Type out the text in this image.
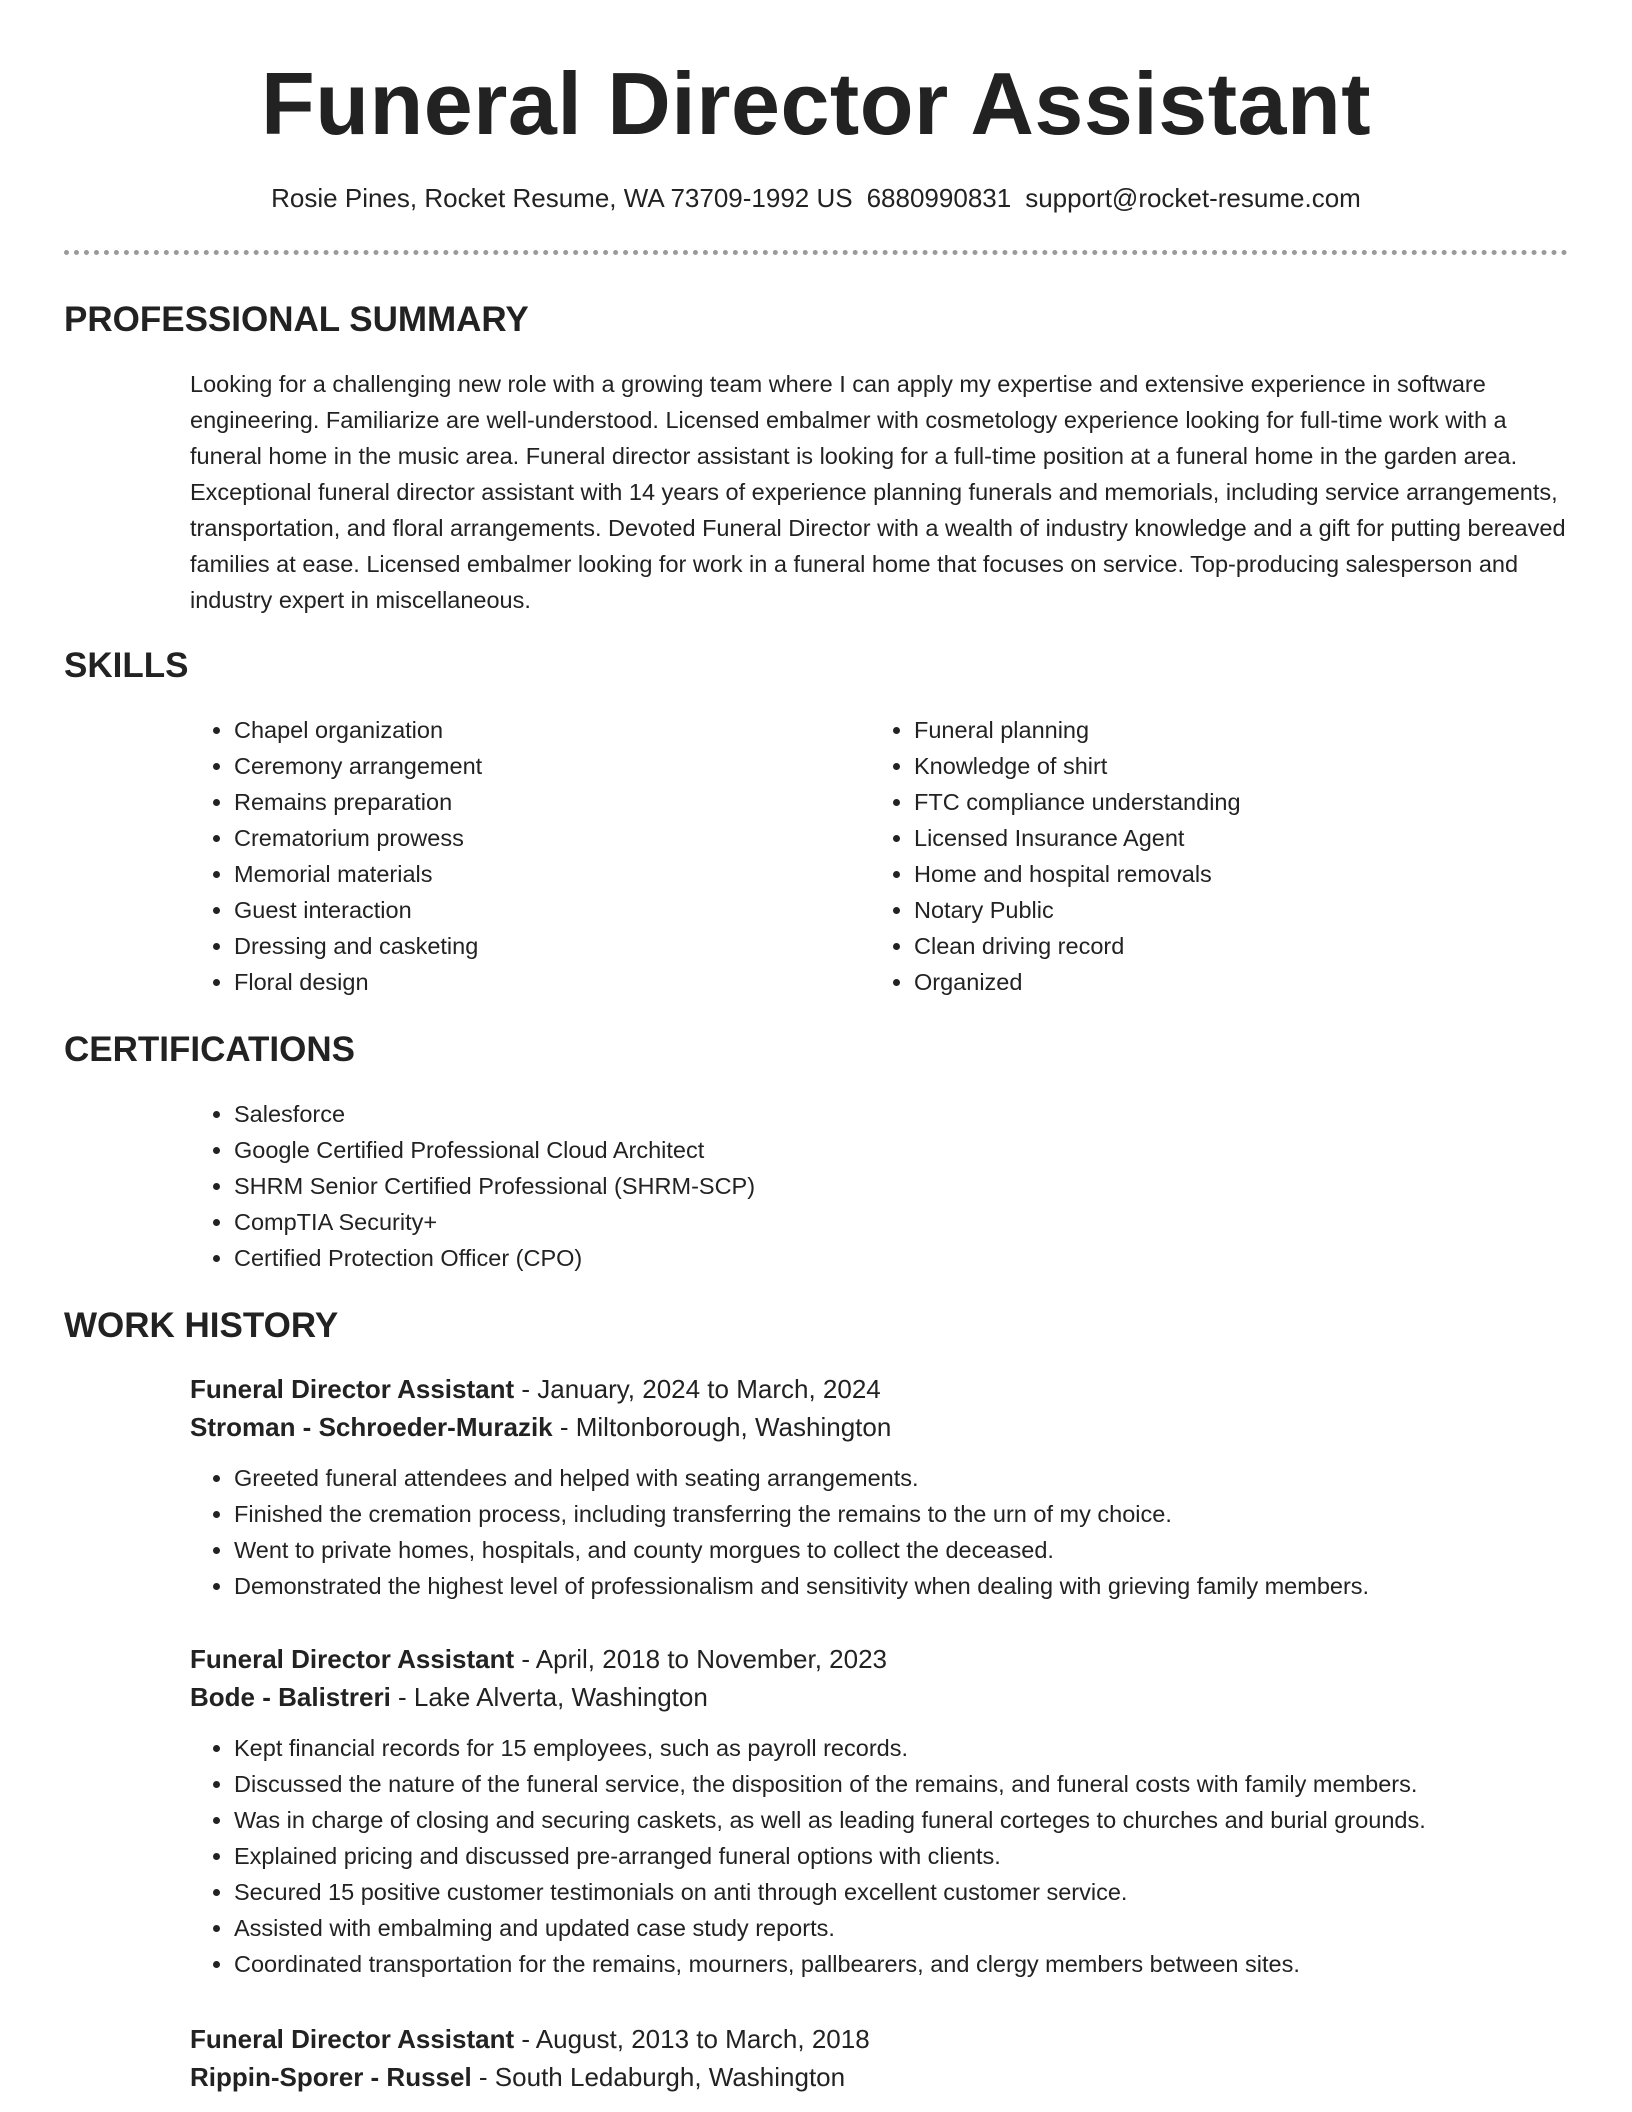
Funeral Director Assistant
Rosie Pines, Rocket Resume, WA 73709-1992 US 6880990831 support@rocket-resume.com
PROFESSIONAL SUMMARY

Looking for a challenging new role with a growing team where I can apply my expertise and extensive experience in software engineering. Familiarize are well-understood. Licensed embalmer with cosmetology experience looking for full-time work with a funeral home in the music area. Funeral director assistant is looking for a full-time position at a funeral home in the garden area. Exceptional funeral director assistant with 14 years of experience planning funerals and memorials, including service arrangements, transportation, and floral arrangements. Devoted Funeral Director with a wealth of industry knowledge and a gift for putting bereaved families at ease. Licensed embalmer looking for work in a funeral home that focuses on service. Top-producing salesperson and industry expert in miscellaneous.

SKILLS
• Chapel organization
• Ceremony arrangement
• Remains preparation
• Crematorium prowess
• Memorial materials
• Guest interaction
• Dressing and casketing
• Floral design
• Funeral planning
• Knowledge of shirt
• FTC compliance understanding
• Licensed Insurance Agent
• Home and hospital removals
• Notary Public
• Clean driving record
• Organized
CERTIFICATIONS
• Salesforce
• Google Certified Professional Cloud Architect
• SHRM Senior Certified Professional (SHRM-SCP)
• CompTIA Security+
• Certified Protection Officer (CPO)
WORK HISTORY

Funeral Director Assistant - January, 2024 to March, 2024

Stroman - Schroeder-Murazik - Miltonborough, Washington

• Greeted funeral attendees and helped with seating arrangements.
• Finished the cremation process, including transferring the remains to the urn of my choice.
• Went to private homes, hospitals, and county morgues to collect the deceased.
• Demonstrated the highest level of professionalism and sensitivity when dealing with grieving family members.

Funeral Director Assistant - April, 2018 to November, 2023

Bode - Balistreri - Lake Alverta, Washington

• Kept financial records for 15 employees, such as payroll records.
• Discussed the nature of the funeral service, the disposition of the remains, and funeral costs with family members.
• Was in charge of closing and securing caskets, as well as leading funeral corteges to churches and burial grounds.
• Explained pricing and discussed pre-arranged funeral options with clients.
• Secured 15 positive customer testimonials on anti through excellent customer service.
• Assisted with embalming and updated case study reports.
• Coordinated transportation for the remains, mourners, pallbearers, and clergy members between sites.

Funeral Director Assistant - August, 2013 to March, 2018

Rippin-Sporer - Russel - South Ledaburgh, Washington
